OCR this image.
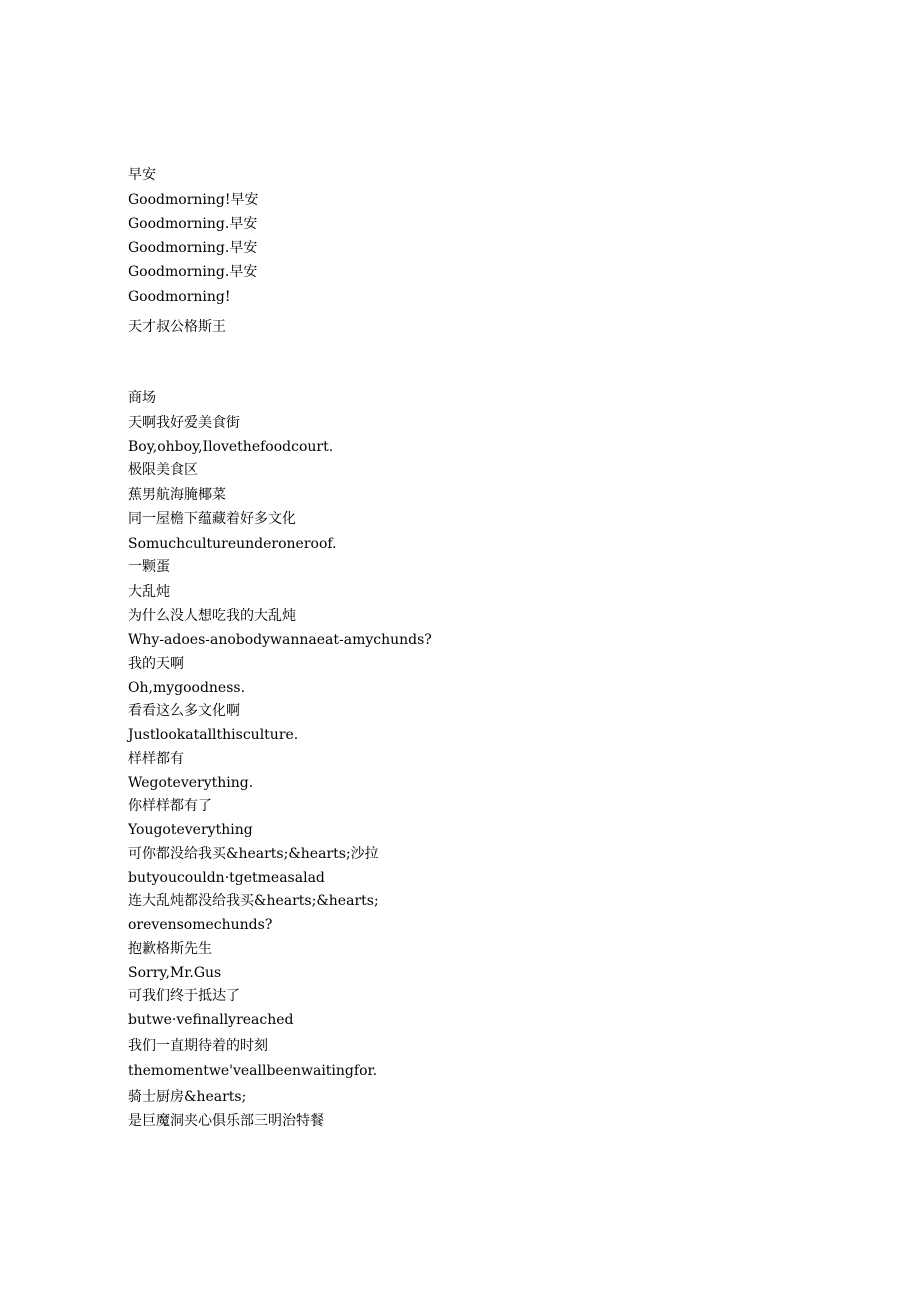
早安
Goodmorning!早安
Goodmorning.早安
Goodmorning.早安
Goodmorning.早安
Goodmorning!
天才叔公格斯王
商场
天啊我好爱美食街
Boy,ohboy,Ilovethefoodcourt.
极限美食区
蕉男航海腌椰菜
同一屋檐下蕴藏着好多文化
Somuchcultureunderoneroof.
一颗蛋
大乱炖
为什么没人想吃我的大乱炖
Why-adoes-anobodywannaeat-amychunds?
我的天啊
Oh,mygoodness.
看看这么多文化啊
Justlookatallthisculture.
样样都有
Wegoteverything.
你样样都有了
Yougoteverything
可你都没给我买&hearts;&hearts;沙拉
butyoucouldn·tgetmeasalad
连大乱炖都没给我买&hearts;&hearts;
orevensomechunds?
抱歉格斯先生
Sorry,Mr.Gus
可我们终于抵达了
butwe·vefinallyreached
我们一直期待着的时刻
themomentwe'veallbeenwaitingfor.
骑士厨房&hearts;
是巨魔洞夹心俱乐部三明治特餐
